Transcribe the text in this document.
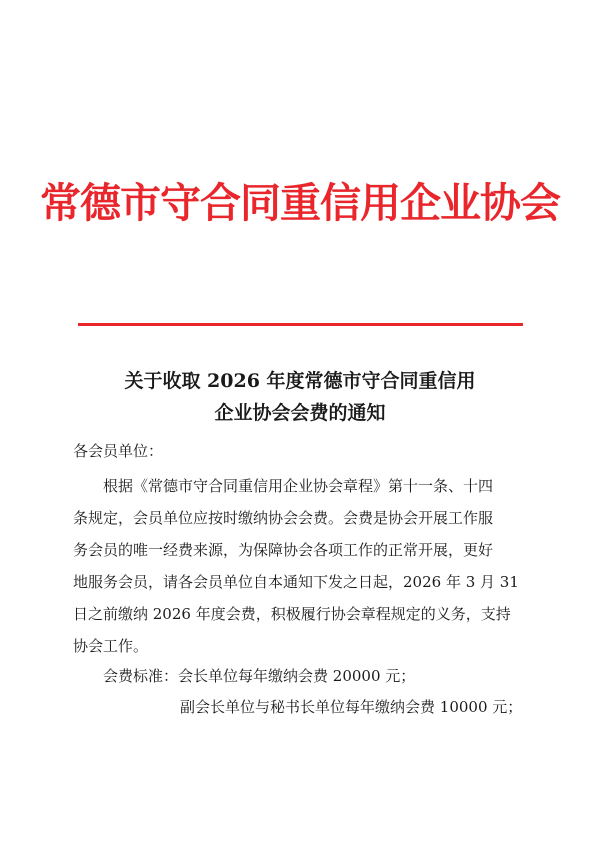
常德市守合同重信用企业协会
关于收取 2026 年度常德市守合同重信用
企业协会会费的通知
各会员单位：
根据《常德市守合同重信用企业协会章程》第十一条、十四
条规定，会员单位应按时缴纳协会会费。会费是协会开展工作服
务会员的唯一经费来源，为保障协会各项工作的正常开展，更好
地服务会员，请各会员单位自本通知下发之日起，2026 年 3 月 31
日之前缴纳 2026 年度会费，积极履行协会章程规定的义务，支持
协会工作。
会费标准：会长单位每年缴纳会费 20000 元；
副会长单位与秘书长单位每年缴纳会费 10000 元；
